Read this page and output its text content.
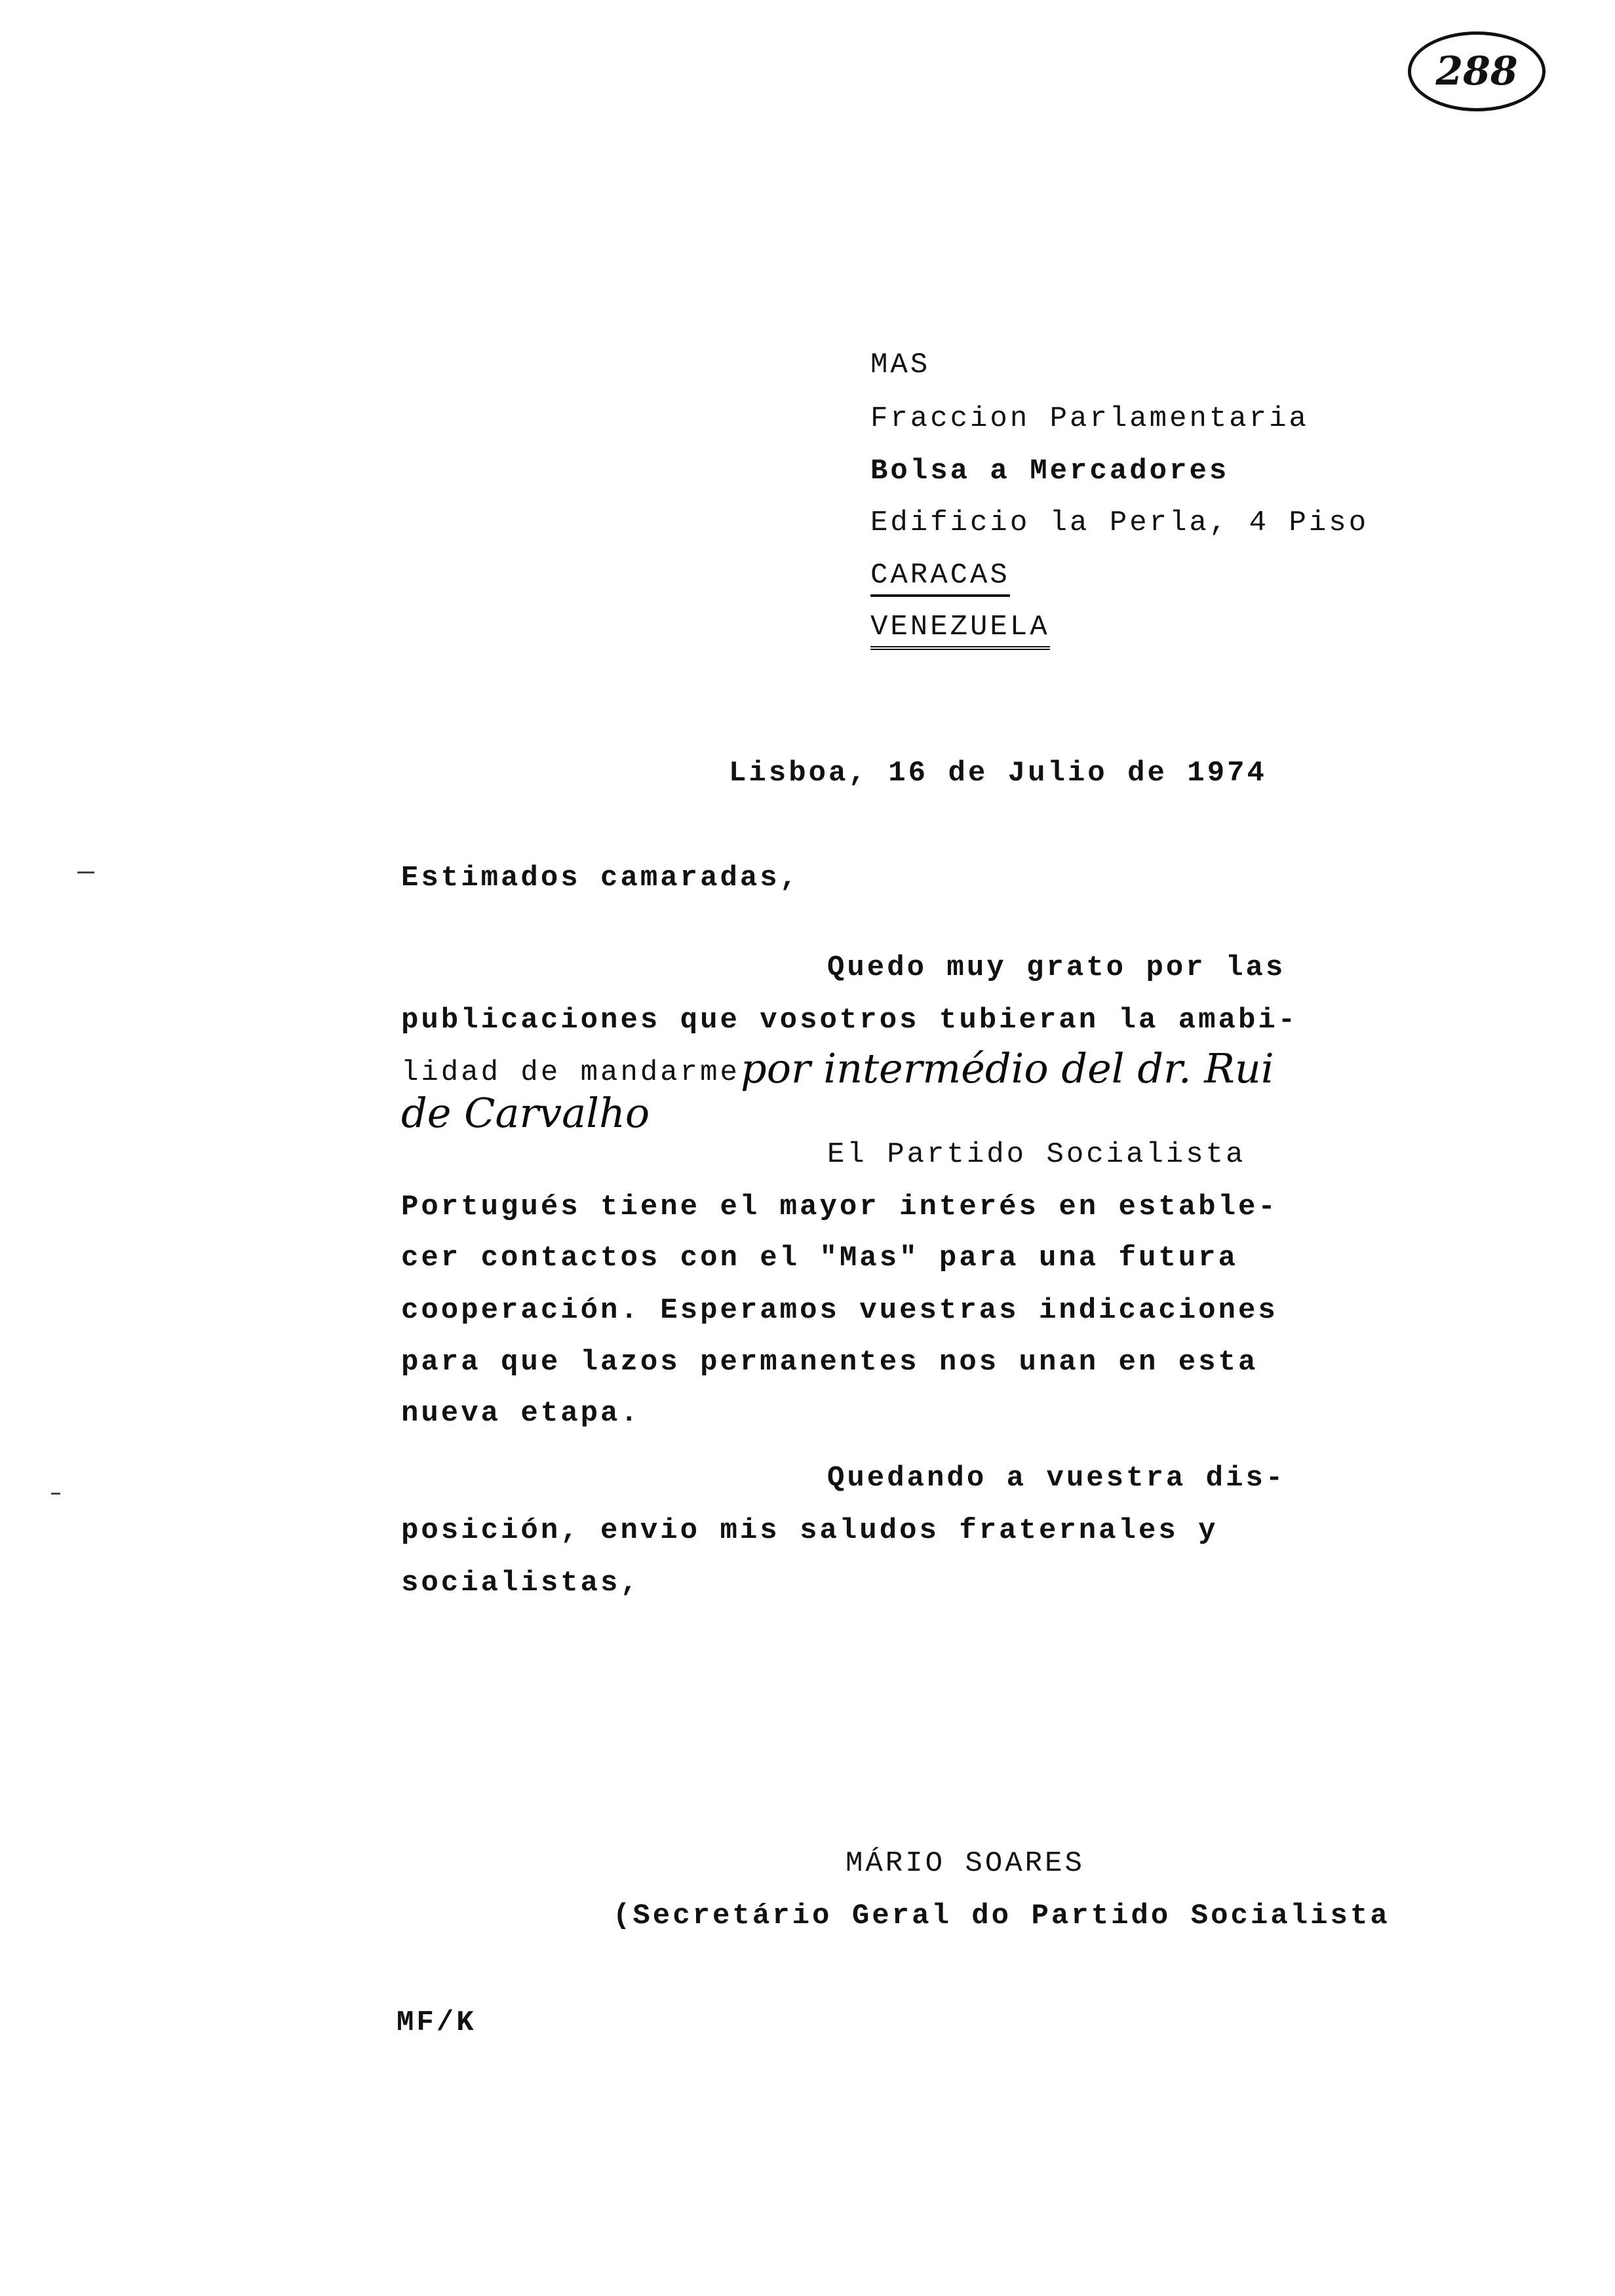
288
MAS
Fraccion Parlamentaria
Bolsa a Mercadores
Edificio la Perla, 4 Piso
CARACAS
VENEZUELA
Lisboa, 16 de Julio de 1974
Estimados camaradas,
Quedo muy grato por las
publicaciones que vosotros tubieran la amabi-
lidad de mandarme por intermédio del dr. Rui
de Carvalho
El Partido Socialista
Portugués tiene el mayor interés en estable-
cer contactos con el "Mas" para una futura
cooperación. Esperamos vuestras indicaciones
para que lazos permanentes nos unan en esta
nueva etapa.
Quedando a vuestra dis-
posición, envio mis saludos fraternales y
socialistas,
MÁRIO SOARES
(Secretário Geral do Partido Socialista
MF/K
